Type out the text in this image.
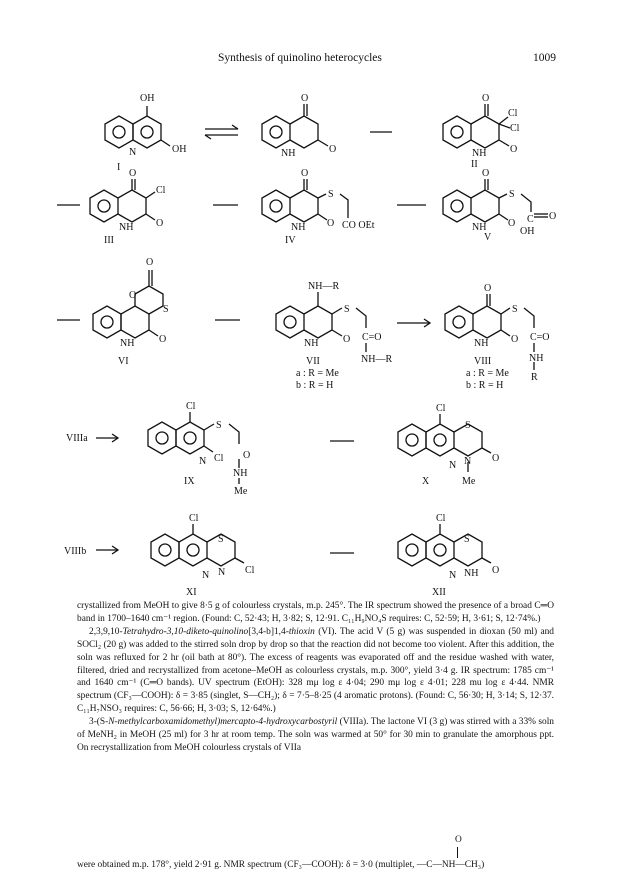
Synthesis of quinolino heterocycles	1009
OH
OH
N
I
O
NH	O
O
Cl
Cl
NH O
II
O
Cl
NH O
III
O
S
NH O CO OEt
IV
O
S
NH O C O
OH
V
O
O
S
NH O
VI
NH—R
S
NH O C=O
NH—R
VII
a : R = Me
b : R = H
O
S
NH O C=O
NH
R
VIII
a : R = Me
b : R = H
VIIIa
Cl
S
N Cl O
NH
Me
IX
Cl
S
N N O
Me
X
VIIIb
Cl
S
N N Cl
XI
Cl
S
N NH O
XII

crystallized from MeOH to give 8·5 g of colourless crystals, m.p. 245°. The IR spectrum showed the presence of a broad C═O band in 1700–1640 cm⁻¹ region. (Found: C, 52·43; H, 3·82; S, 12·91. C₁₁H₉NO₄S requires: C, 52·59; H, 3·61; S, 12·74%.)

2,3,9,10-Tetrahydro-3,10-diketo-quinolino[3,4-b]1,4-thioxin (VI). The acid V (5 g) was suspended in dioxan (50 ml) and SOCl₂ (20 g) was added to the stirred soln drop by drop so that the reaction did not become too violent. After this addition, the soln was refluxed for 2 hr (oil bath at 80°). The excess of reagents was evaporated off and the residue washed with water, filtered, dried and recrystallized from acetone–MeOH as colourless crystals, m.p. 300°, yield 3·4 g. IR spectrum: 1785 cm⁻¹ and 1640 cm⁻¹ (C═O bands). UV spectrum (EtOH): 328 mμ log ε 4·04; 290 mμ log ε 4·01; 228 mu log ε 4·44. NMR spectrum (CF₃—COOH): δ = 3·85 (singlet, S—CH₂); δ = 7·5–8·25 (4 aromatic protons). (Found: C, 56·30; H, 3·14; S, 12·37. C₁₁H₇NSO₃ requires: C, 56·66; H, 3·03; S, 12·64%.)

3-(S-N-methylcarboxamidomethyl)mercapto-4-hydroxycarbostyril (VIIIa). The lactone VI (3 g) was stirred with a 33% soln of MeNH₂ in MeOH (25 ml) for 3 hr at room temp. The soln was warmed at 50° for 30 min to granulate the amorphous ppt. On recrystallization from MeOH colourless crystals of VIIa

O
were obtained m.p. 178°, yield 2·91 g. NMR spectrum (CF₃—COOH): δ = 3·0 (multiplet, —C—NH—CH₃)
